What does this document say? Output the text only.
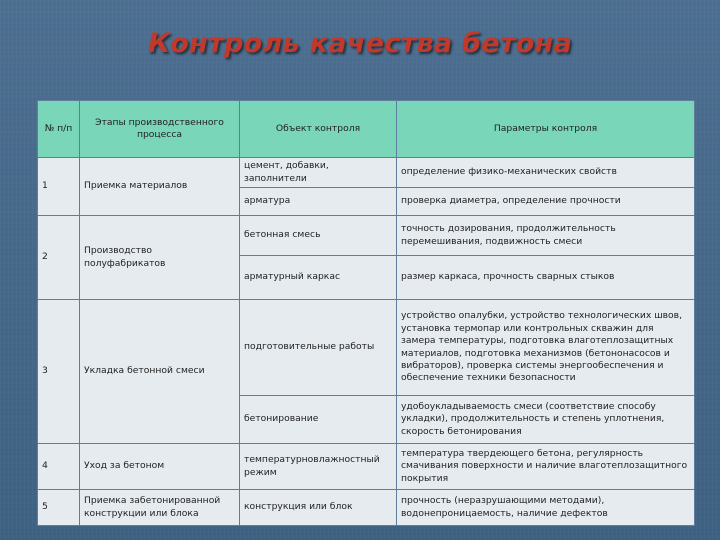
Контроль качества бетона
№ п/п	Этапы производственного процесса	Объект контроля	Параметры контроля
1	Приемка материалов	цемент, добавки, заполнители	определение физико-механических свойств
		арматура	проверка диаметра, определение прочности
2	Производство полуфабрикатов	бетонная смесь	точность дозирования, продолжительность перемешивания, подвижность смеси
		арматурный каркас	размер каркаса, прочность сварных стыков
3	Укладка бетонной смеси	подготовительные работы	устройство опалубки, устройство технологических швов, установка термопар или контрольных скважин для замера температуры, подготовка влаготеплозащитных материалов, подготовка механизмов (бетононасосов и вибраторов), проверка системы энергообеспечения и обеспечение техники безопасности
		бетонирование	удобоукладываемость смеси (соответствие способу укладки), продолжительность и степень уплотнения, скорость бетонирования
4	Уход за бетоном	температурновлажностный режим	температура твердеющего бетона, регулярность смачивания поверхности и наличие влаготеплозащитного покрытия
5	Приемка забетонированной конструкции или блока	конструкция или блок	прочность (неразрушающими методами), водонепроницаемость, наличие дефектов
